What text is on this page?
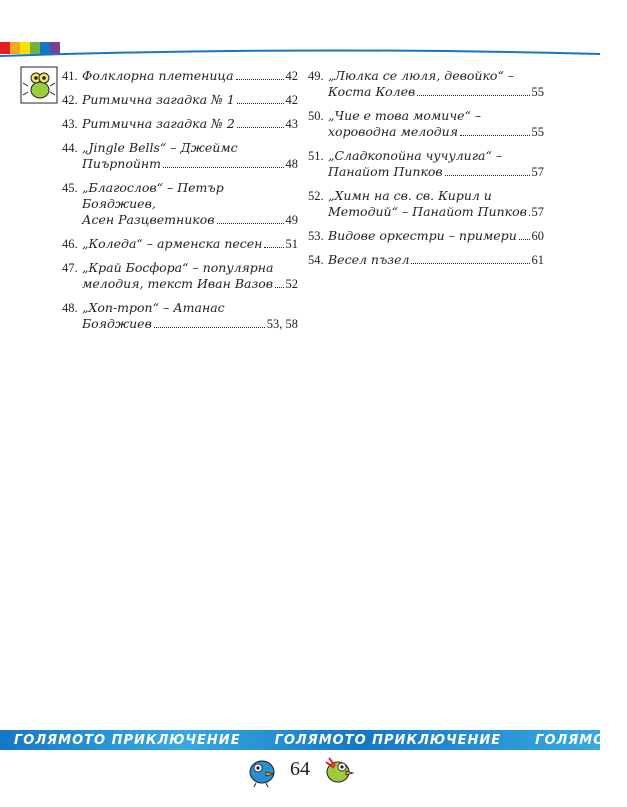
41. Фолклорна плетеница	42
42. Ритмична загадка № 1	42
43. Ритмична загадка № 2	43
44. „Jingle Bells“ – Джеймс
Пиърпойнт	48
45. „Благослов“ – Петър Бояджиев,
Асен Разцветников	49
46. „Коледа“ – арменска песен 51
47. „Край Босфора“ – популярна
мелодия, текст Иван Вазов 52
48. „Хоп-троп“ – Атанас
Бояджиев	53, 58
49. „Люлка се люля, девойко“ –
Коста Колев	55
50. „Чие е това момиче“ –
хороводна мелодия	55
51. „Сладкопойна чучулига“ –
Панайот Пипков	57
52. „Химн на св. св. Кирил и
Методий“ – Панайот Пипков 57
53. Видове оркестри – примери 60
54. Весел пъзел	61
ГОЛЯМОТО ПРИКЛЮЧЕНИЕ	ГОЛЯМОТО ПРИКЛЮЧЕНИЕ	ГОЛЯМОТО
64
